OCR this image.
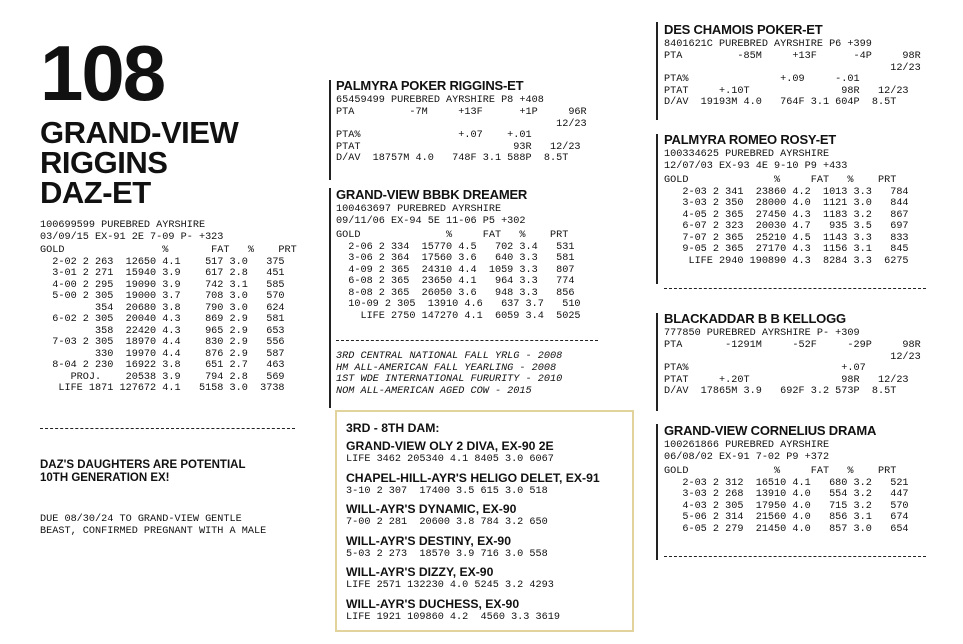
108
GRAND-VIEW
RIGGINS
DAZ-ET
100699599 PUREBRED AYRSHIRE
03/09/15 EX-91 2E 7-09 P- +323
GOLD                %       FAT   %    PRT
2-02 2 263  12650 4.1    517 3.0   375
3-01 2 271  15940 3.9    617 2.8   451
4-00 2 295  19090 3.9    742 3.1   585
5-00 2 305  19000 3.7    708 3.0   570
354  20680 3.8    790 3.0   624
6-02 2 305  20040 4.3    869 2.9   581
358  22420 4.3    965 2.9   653
7-03 2 305  18970 4.4    830 2.9   556
330  19970 4.4    876 2.9   587
8-04 2 230  16922 3.8    651 2.7   463
PROJ.    20538 3.9    794 2.8   569
LIFE 1871 127672 4.1   5158 3.0  3738
DAZ'S DAUGHTERS ARE POTENTIAL
10TH GENERATION EX!
DUE 08/30/24 TO GRAND-VIEW GENTLE
BEAST, CONFIRMED PREGNANT WITH A MALE
PALMYRA POKER RIGGINS-ET
65459499 PUREBRED AYRSHIRE P8 +408
PTA         -7M     +13F      +1P     96R
12/23
PTA%                +.07    +.01
PTAT                         93R   12/23
D/AV  18757M 4.0   748F 3.1 588P  8.5T
GRAND-VIEW BBBK DREAMER
100463697 PUREBRED AYRSHIRE
09/11/06 EX-94 5E 11-06 P5 +302
GOLD              %     FAT   %    PRT
2-06 2 334  15770 4.5   702 3.4   531
3-06 2 364  17560 3.6   640 3.3   581
4-09 2 365  24310 4.4  1059 3.3   807
6-08 2 365  23650 4.1   964 3.3   774
8-08 2 365  26050 3.6   948 3.3   856
10-09 2 305  13910 4.6   637 3.7   510
LIFE 2750 147270 4.1  6059 3.4  5025
3RD CENTRAL NATIONAL FALL YRLG - 2008
HM ALL-AMERICAN FALL YEARLING - 2008
1ST WDE INTERNATIONAL FURURITY - 2010
NOM ALL-AMERICAN AGED COW - 2015
3RD - 8TH DAM:
GRAND-VIEW OLY 2 DIVA, EX-90 2E
LIFE 3462 205340 4.1 8405 3.0 6067
CHAPEL-HILL-AYR'S HELIGO DELET, EX-91
3-10 2 307  17400 3.5 615 3.0 518
WILL-AYR'S DYNAMIC, EX-90
7-00 2 281  20600 3.8 784 3.2 650
WILL-AYR'S DESTINY, EX-90
5-03 2 273  18570 3.9 716 3.0 558
WILL-AYR'S DIZZY, EX-90
LIFE 2571 132230 4.0 5245 3.2 4293
WILL-AYR'S DUCHESS, EX-90
LIFE 1921 109860 4.2  4560 3.3 3619
DES CHAMOIS POKER-ET
8401621C PUREBRED AYRSHIRE P6 +399
PTA         -85M     +13F      -4P     98R
12/23
PTA%               +.09     -.01
PTAT     +.10T               98R   12/23
D/AV  19193M 4.0   764F 3.1 604P  8.5T
PALMYRA ROMEO ROSY-ET
100334625 PUREBRED AYRSHIRE
12/07/03 EX-93 4E 9-10 P9 +433
GOLD              %     FAT   %    PRT
2-03 2 341  23860 4.2  1013 3.3   784
3-03 2 350  28000 4.0  1121 3.0   844
4-05 2 365  27450 4.3  1183 3.2   867
6-07 2 323  20030 4.7   935 3.5   697
7-07 2 365  25210 4.5  1143 3.3   833
9-05 2 365  27170 4.3  1156 3.1   845
LIFE 2940 190890 4.3  8284 3.3  6275
BLACKADDAR B B KELLOGG
777850 PUREBRED AYRSHIRE P- +309
PTA       -1291M     -52F     -29P     98R
12/23
PTA%                         +.07
PTAT     +.20T               98R   12/23
D/AV  17865M 3.9   692F 3.2 573P  8.5T
GRAND-VIEW CORNELIUS DRAMA
100261866 PUREBRED AYRSHIRE
06/08/02 EX-91 7-02 P9 +372
GOLD              %     FAT   %    PRT
2-03 2 312  16510 4.1   680 3.2   521
3-03 2 268  13910 4.0   554 3.2   447
4-03 2 305  17950 4.0   715 3.2   570
5-06 2 314  21560 4.0   856 3.1   674
6-05 2 279  21450 4.0   857 3.0   654
